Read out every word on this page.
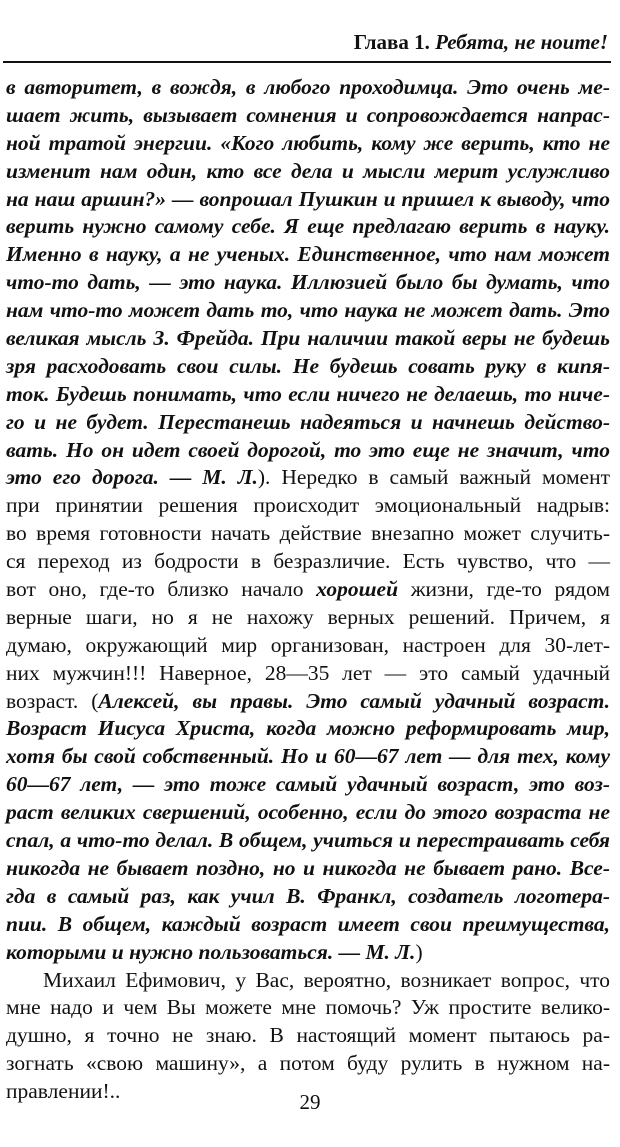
Глава 1. Ребята, не ноите!
в авторитет, в вождя, в любого проходимца. Это очень ме-
шает жить, вызывает сомнения и сопровождается напрас-
ной тратой энергии. «Кого любить, кому же верить, кто не
изменит нам один, кто все дела и мысли мерит услужливо
на наш аршин?» — вопрошал Пушкин и пришел к выводу, что
верить нужно самому себе. Я еще предлагаю верить в науку.
Именно в науку, а не ученых. Единственное, что нам может
что-то дать, — это наука. Иллюзией было бы думать, что
нам что-то может дать то, что наука не может дать. Это
великая мысль З. Фрейда. При наличии такой веры не будешь
зря расходовать свои силы. Не будешь совать руку в кипя-
ток. Будешь понимать, что если ничего не делаешь, то ниче-
го и не будет. Перестанешь надеяться и начнешь действо-
вать. Но он идет своей дорогой, то это еще не значит, что
это его дорога. — М. Л.). Нередко в самый важный момент
при принятии решения происходит эмоциональный надрыв:
во время готовности начать действие внезапно может случить-
ся переход из бодрости в безразличие. Есть чувство, что —
вот оно, где-то близко начало хорошей жизни, где-то рядом
верные шаги, но я не нахожу верных решений. Причем, я
думаю, окружающий мир организован, настроен для 30-лет-
них мужчин!!! Наверное, 28—35 лет — это самый удачный
возраст. (Алексей, вы правы. Это самый удачный возраст.
Возраст Иисуса Христа, когда можно реформировать мир,
хотя бы свой собственный. Но и 60—67 лет — для тех, кому
60—67 лет, — это тоже самый удачный возраст, это воз-
раст великих свершений, особенно, если до этого возраста не
спал, а что-то делал. В общем, учиться и перестраивать себя
никогда не бывает поздно, но и никогда не бывает рано. Все-
гда в самый раз, как учил В. Франкл, создатель логотера-
пии. В общем, каждый возраст имеет свои преимущества,
которыми и нужно пользоваться. — М. Л.)
Михаил Ефимович, у Вас, вероятно, возникает вопрос, что
мне надо и чем Вы можете мне помочь? Уж простите велико-
душно, я точно не знаю. В настоящий момент пытаюсь ра-
зогнать «свою машину», а потом буду рулить в нужном на-
правлении!..	29
